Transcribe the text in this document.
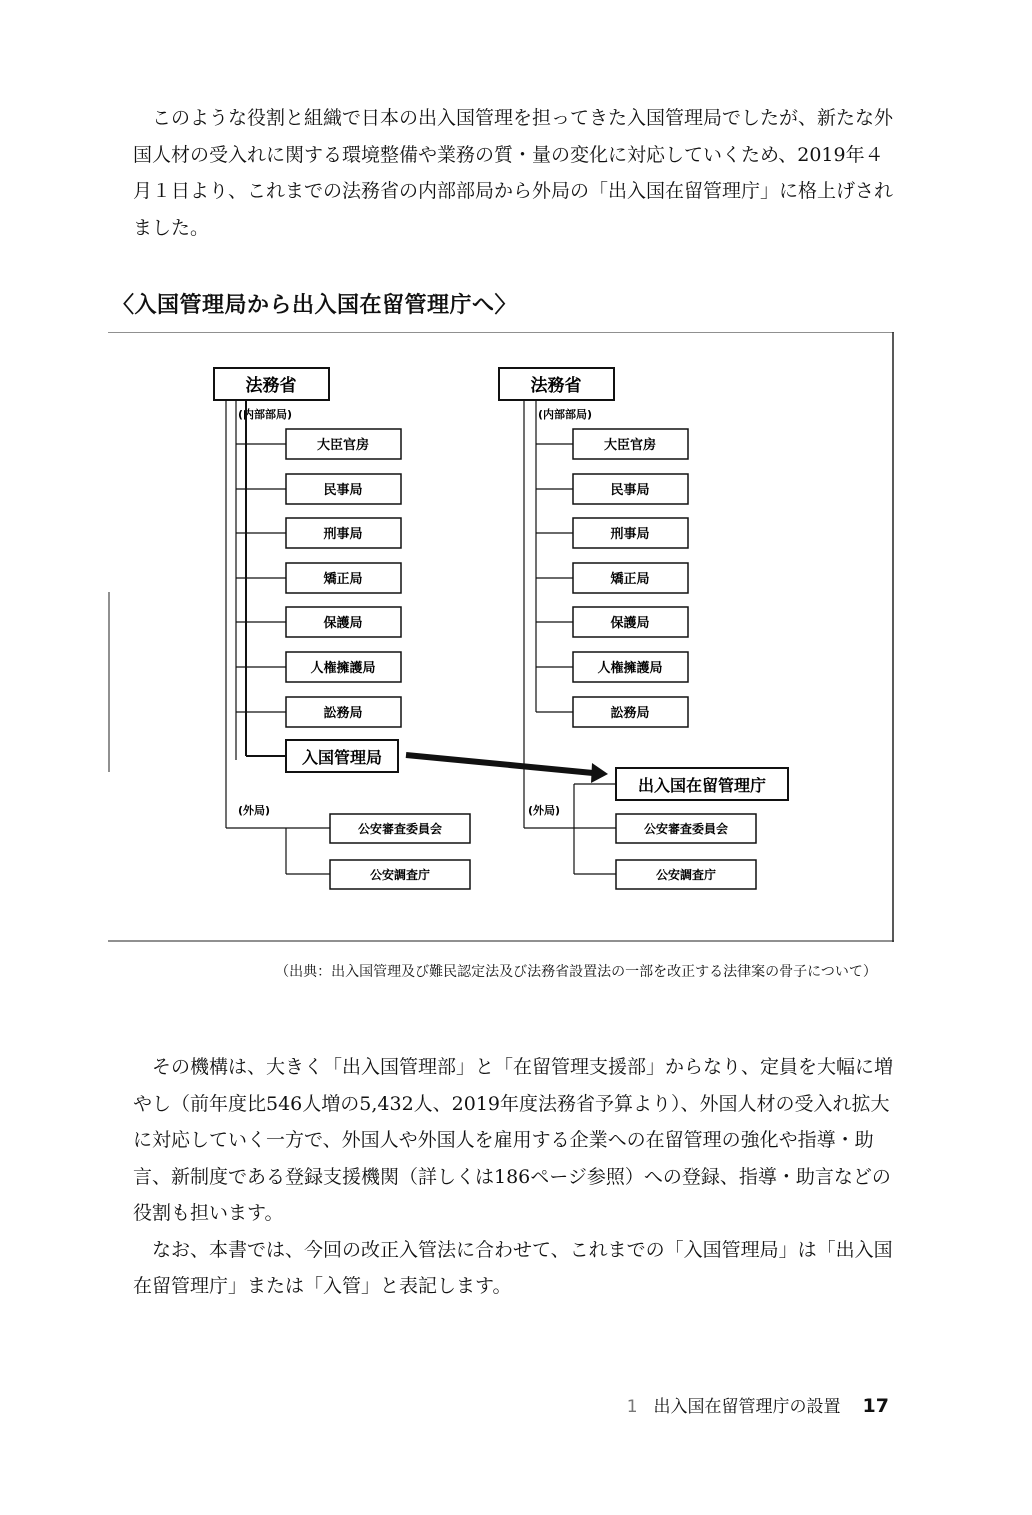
このような役割と組織で日本の出入国管理を担ってきた入国管理局でしたが、新たな外国人材の受入れに関する環境整備や業務の質・量の変化に対応していくため、2019年４月１日より、これまでの法務省の内部部局から外局の「出入国在留管理庁」に格上げされました。

〈入国管理局から出入国在留管理庁へ〉
法務省
(内部部局)
大臣官房
民事局
刑事局
矯正局
保護局
人権擁護局
訟務局
入国管理局
(外局)
公安審査委員会
公安調査庁
法務省
(内部部局)
大臣官房
民事局
刑事局
矯正局
保護局
人権擁護局
訟務局
(外局)
出入国在留管理庁
公安審査委員会
公安調査庁
（出典：出入国管理及び難民認定法及び法務省設置法の一部を改正する法律案の骨子について）

その機構は、大きく「出入国管理部」と「在留管理支援部」からなり、定員を大幅に増やし（前年度比546人増の5,432人、2019年度法務省予算より）、外国人材の受入れ拡大に対応していく一方で、外国人や外国人を雇用する企業への在留管理の強化や指導・助言、新制度である登録支援機関（詳しくは186ページ参照）への登録、指導・助言などの役割も担います。

なお、本書では、今回の改正入管法に合わせて、これまでの「入国管理局」は「出入国在留管理庁」または「入管」と表記します。

1 出入国在留管理庁の設置 17
